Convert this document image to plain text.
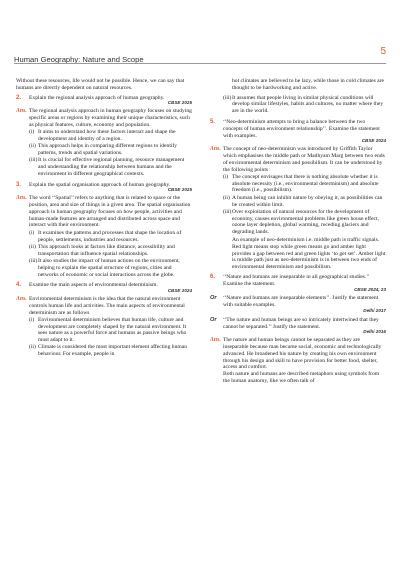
Human Geography: Nature and Scope
5

Without these resources, life would not be possible. Hence, we can say that humans are directly dependent on natural resources.

2.	Explain the regional analysis approach of human geography.
CBSE 2025
Ans. The regional analysis approach in human geography focuses on studying specific areas or regions by examining their unique characteristics, such as physical features, culture, economy and population.
(i) It aims to understand how these factors interact and shape the development and identity of a region.
(ii) This approach helps in comparing different regions to identify patterns, trends and spatial variations.
(iii) It is crucial for effective regional planning, resource management and understanding the relationship between humans and the environment in different geographical contexts.
3.	Explain the spatial organisation approach of human geography.
CBSE 2025
Ans. The word ‘‘Spatial’’ refers to anything that is related to space or the position, area and size of things in a given area. The spatial organisation approach in human geography focuses on how people, activities and human-made features are arranged and distributed across space and interact with their environment.
(i) It examines the patterns and processes that shape the location of people, settlements, industries and resources.
(ii) This approach looks at factors like distance, accessibility and transportation that influence spatial relationships.
(iii) It also studies the impact of human actions on the environment, helping to explain the spatial structure of regions, cities and networks of economic or social interactions across the globe.
4.	Examine the main aspects of environmental determinism.
CBSE 2024
Ans. Environmental determinism is the idea that the natural environment controls human life and activities. The main aspects of environmental determinism are as follows
(i) Environmental determinism believes that human life, culture and development are completely shaped by the natural environment. It sees nature as a powerful force and humans as passive beings who must adapt to it.
(ii) Climate is considered the most important element affecting human behaviour. For example, people in

hot climates are believed to be lazy, while those in cold climates are thought to be hardworking and active.

(iii) It assumes that people living in similar physical conditions will develop similar lifestyles, habits and cultures, no matter where they are in the world.
5.	‘‘Neo-determinism attempts to bring a balance between the two concepts of human environment relationship’’. Examine the statement with examples.
CBSE 2024
Ans. The concept of neo-determinism was introduced by Griffith Taylor which emphasises the middle path or Madhyam Marg between two ends of environmental determinism and possibilism. It can be understood by the following points
(i) The concept envisages that there is nothing absolute whether it is absolute necessity (i.e., environmental determinism) and absolute freedom (i.e., possibilism).
(ii) A human being can inhibit nature by obeying it, as possibilities can be created within limit.
(iii) Over exploitation of natural resources for the development of economy, causes environmental problems like green house effect, ozone layer depletion, global warming, receding glaciers and degrading lands.

An example of neo-determinism i.e. middle path is traffic signals. Red light means stop while green means go and amber light provides a gap between red and green lights ‘to get set’. Amber light is middle path just as neo-determinism is in between two ends of environmental determinism and possibilism.

6.	‘‘Nature and humans are inseparable in all geographical studies.’’ Examine the statement.
CBSE 2024, 23
Or	‘‘Nature and humans are inseparable elements’’. Justify the statement with suitable examples.
Delhi 2017
Or	‘‘The nature and human beings are so intricately intertwined that they cannot be separated.’’ Justify the statement.
Delhi 2016
Ans. The nature and human beings cannot be separated as they are inseparable because man became social, economic and technologically advanced. He broadened his nature by creating his own environment through his design and skill to have provision for better food, shelter, access and comfort.

Both nature and humans are described metaphors using symbols from the human anatomy, like we often talk of
